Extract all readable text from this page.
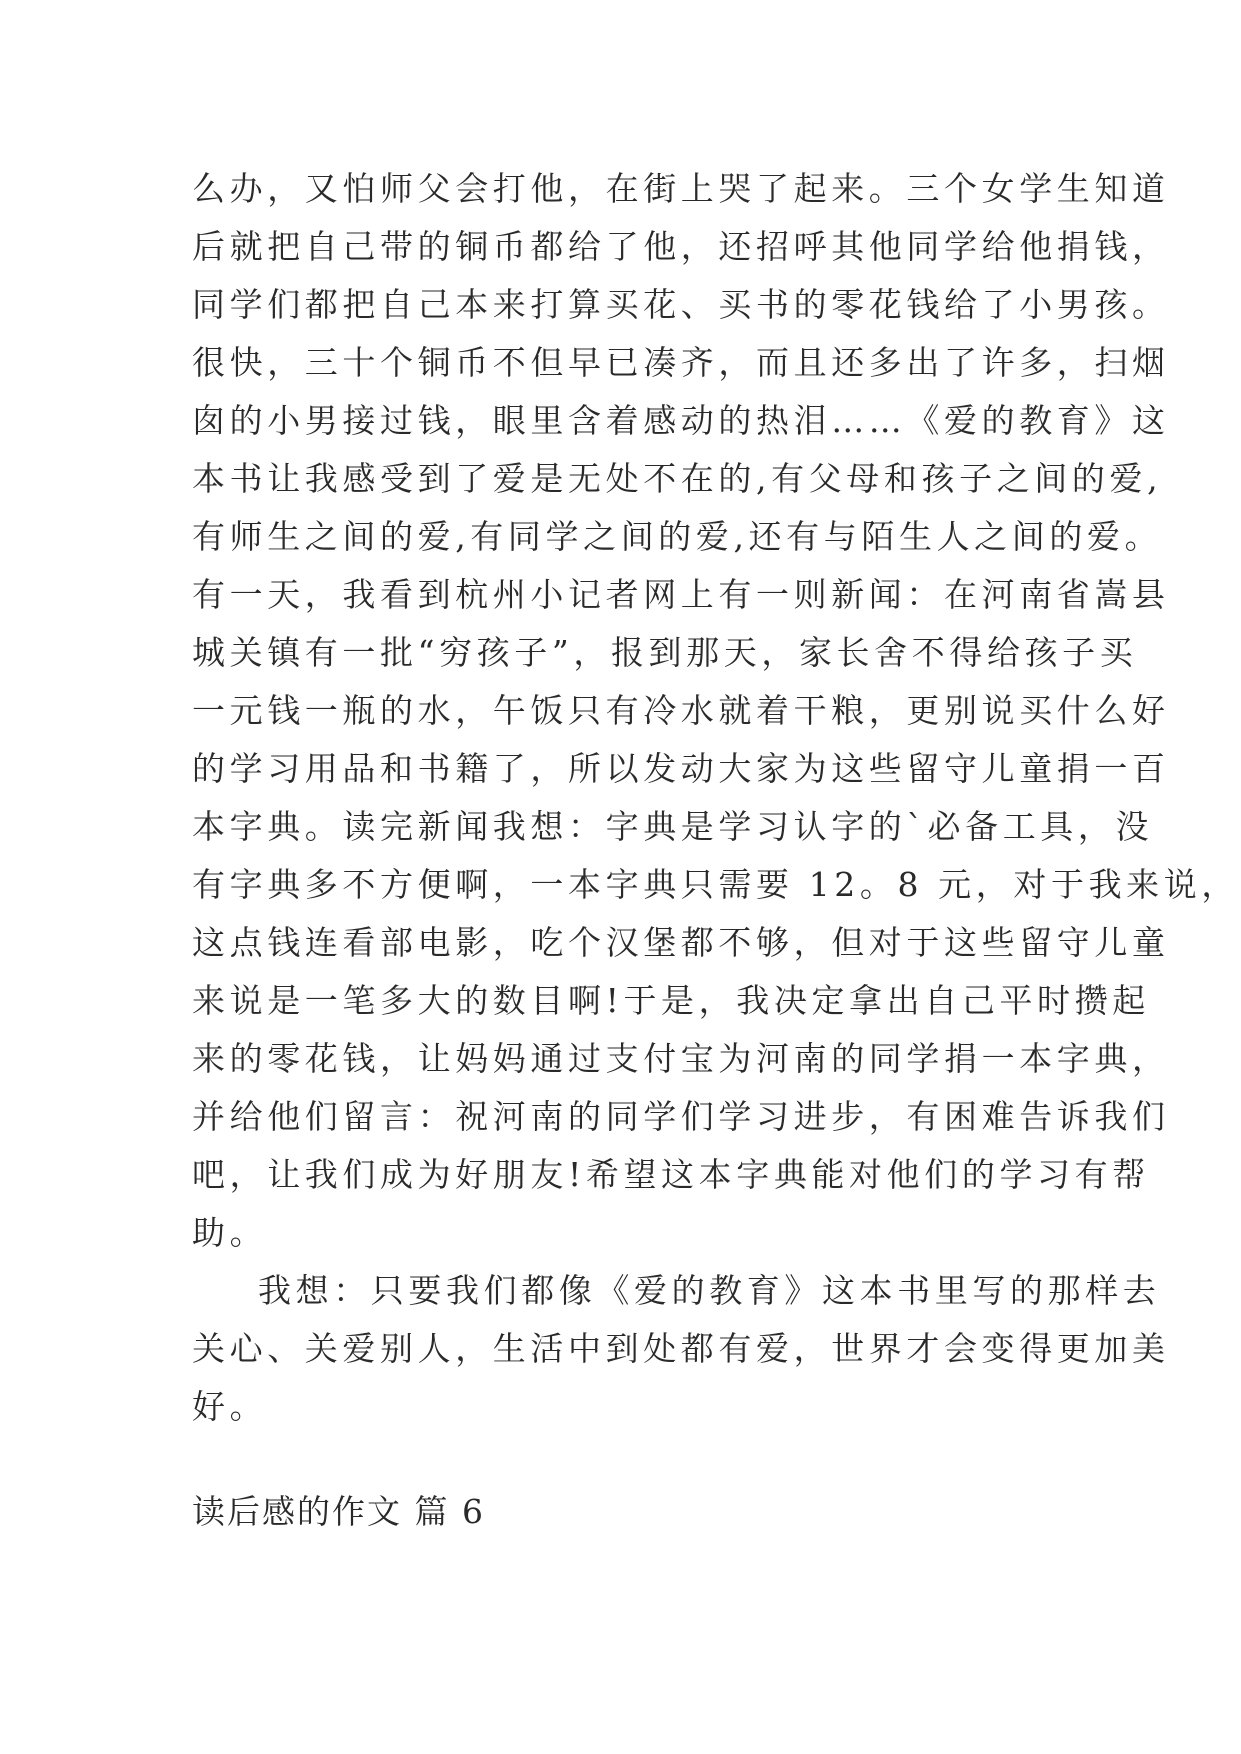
么办，又怕师父会打他，在街上哭了起来。三个女学生知道
后就把自己带的铜币都给了他，还招呼其他同学给他捐钱，
同学们都把自己本来打算买花、买书的零花钱给了小男孩。
很快，三十个铜币不但早已凑齐，而且还多出了许多，扫烟
囱的小男接过钱，眼里含着感动的热泪……《爱的教育》这
本书让我感受到了爱是无处不在的,有父母和孩子之间的爱,
有师生之间的爱,有同学之间的爱,还有与陌生人之间的爱。
有一天，我看到杭州小记者网上有一则新闻：在河南省嵩县
城关镇有一批“穷孩子”，报到那天，家长舍不得给孩子买
一元钱一瓶的水，午饭只有冷水就着干粮，更别说买什么好
的学习用品和书籍了，所以发动大家为这些留守儿童捐一百
本字典。读完新闻我想：字典是学习认字的`必备工具，没
有字典多不方便啊，一本字典只需要 12。8 元，对于我来说，
这点钱连看部电影，吃个汉堡都不够，但对于这些留守儿童
来说是一笔多大的数目啊!于是，我决定拿出自己平时攒起
来的零花钱，让妈妈通过支付宝为河南的同学捐一本字典，
并给他们留言：祝河南的同学们学习进步，有困难告诉我们
吧，让我们成为好朋友!希望这本字典能对他们的学习有帮
助。
我想：只要我们都像《爱的教育》这本书里写的那样去
关心、关爱别人，生活中到处都有爱，世界才会变得更加美
好。
读后感的作文 篇 6
